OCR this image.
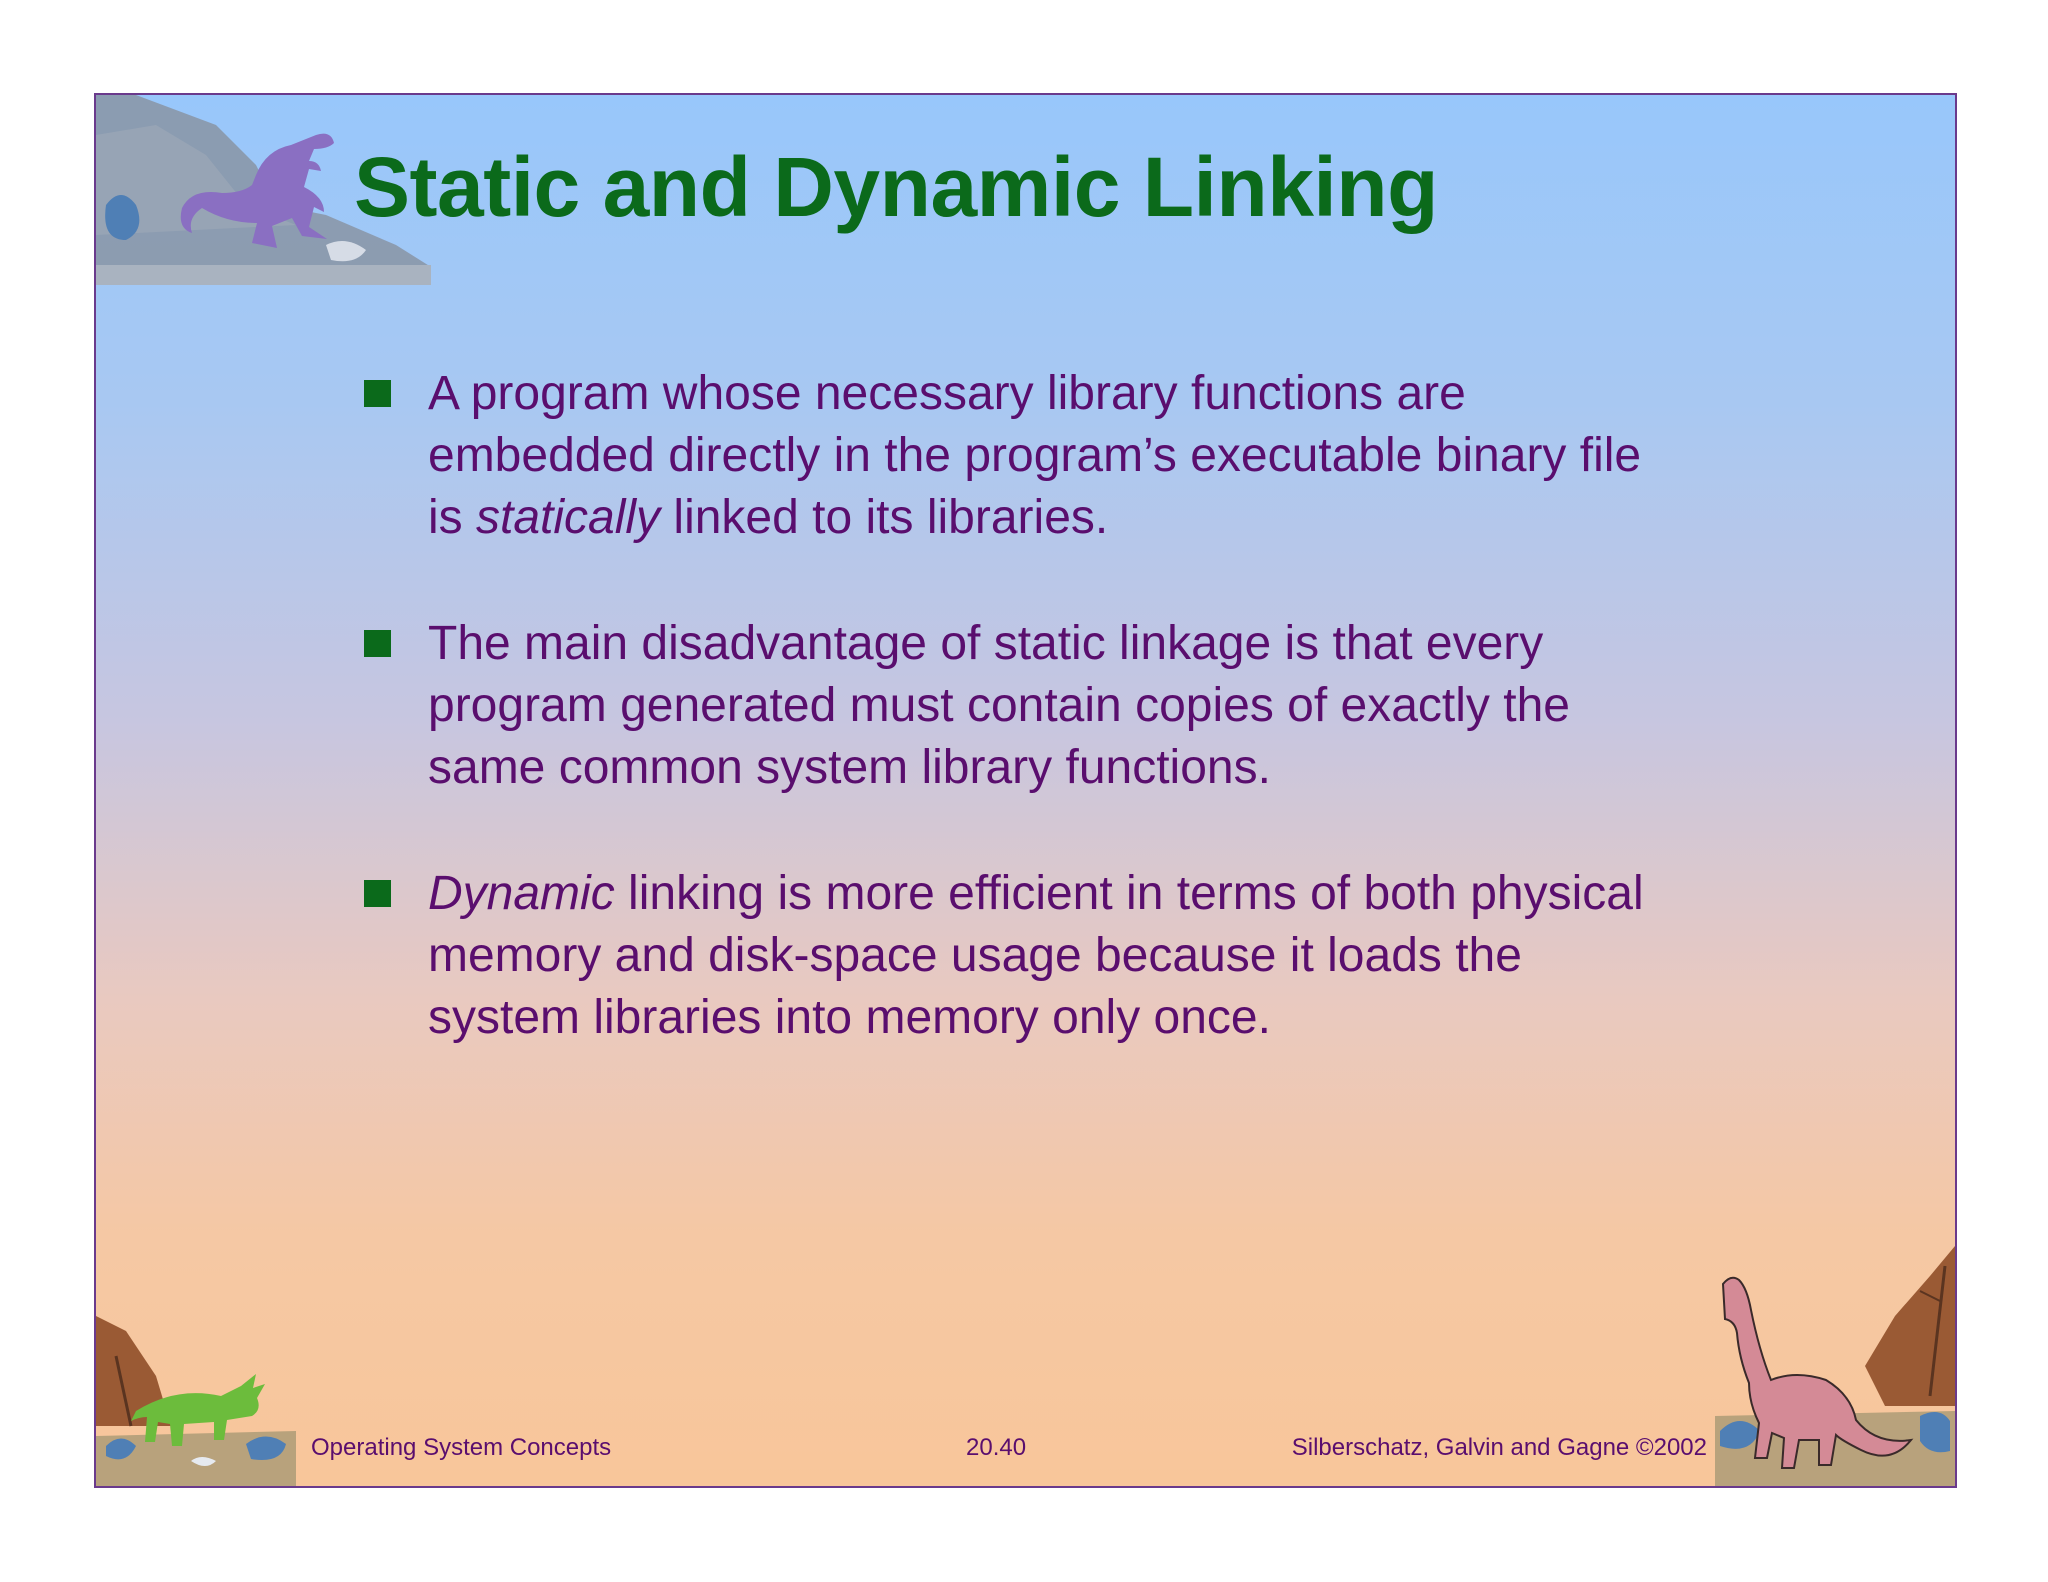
Static and Dynamic Linking
A program whose necessary library functions are
embedded directly in the program’s executable binary file
is statically linked to its libraries.
The main disadvantage of static linkage is that every
program generated must contain copies of exactly the
same common system library functions.
Dynamic linking is more efficient in terms of both physical
memory and disk-space usage because it loads the
system libraries into memory only once.
Operating System Concepts	20.40	Silberschatz, Galvin and Gagne ©2002
